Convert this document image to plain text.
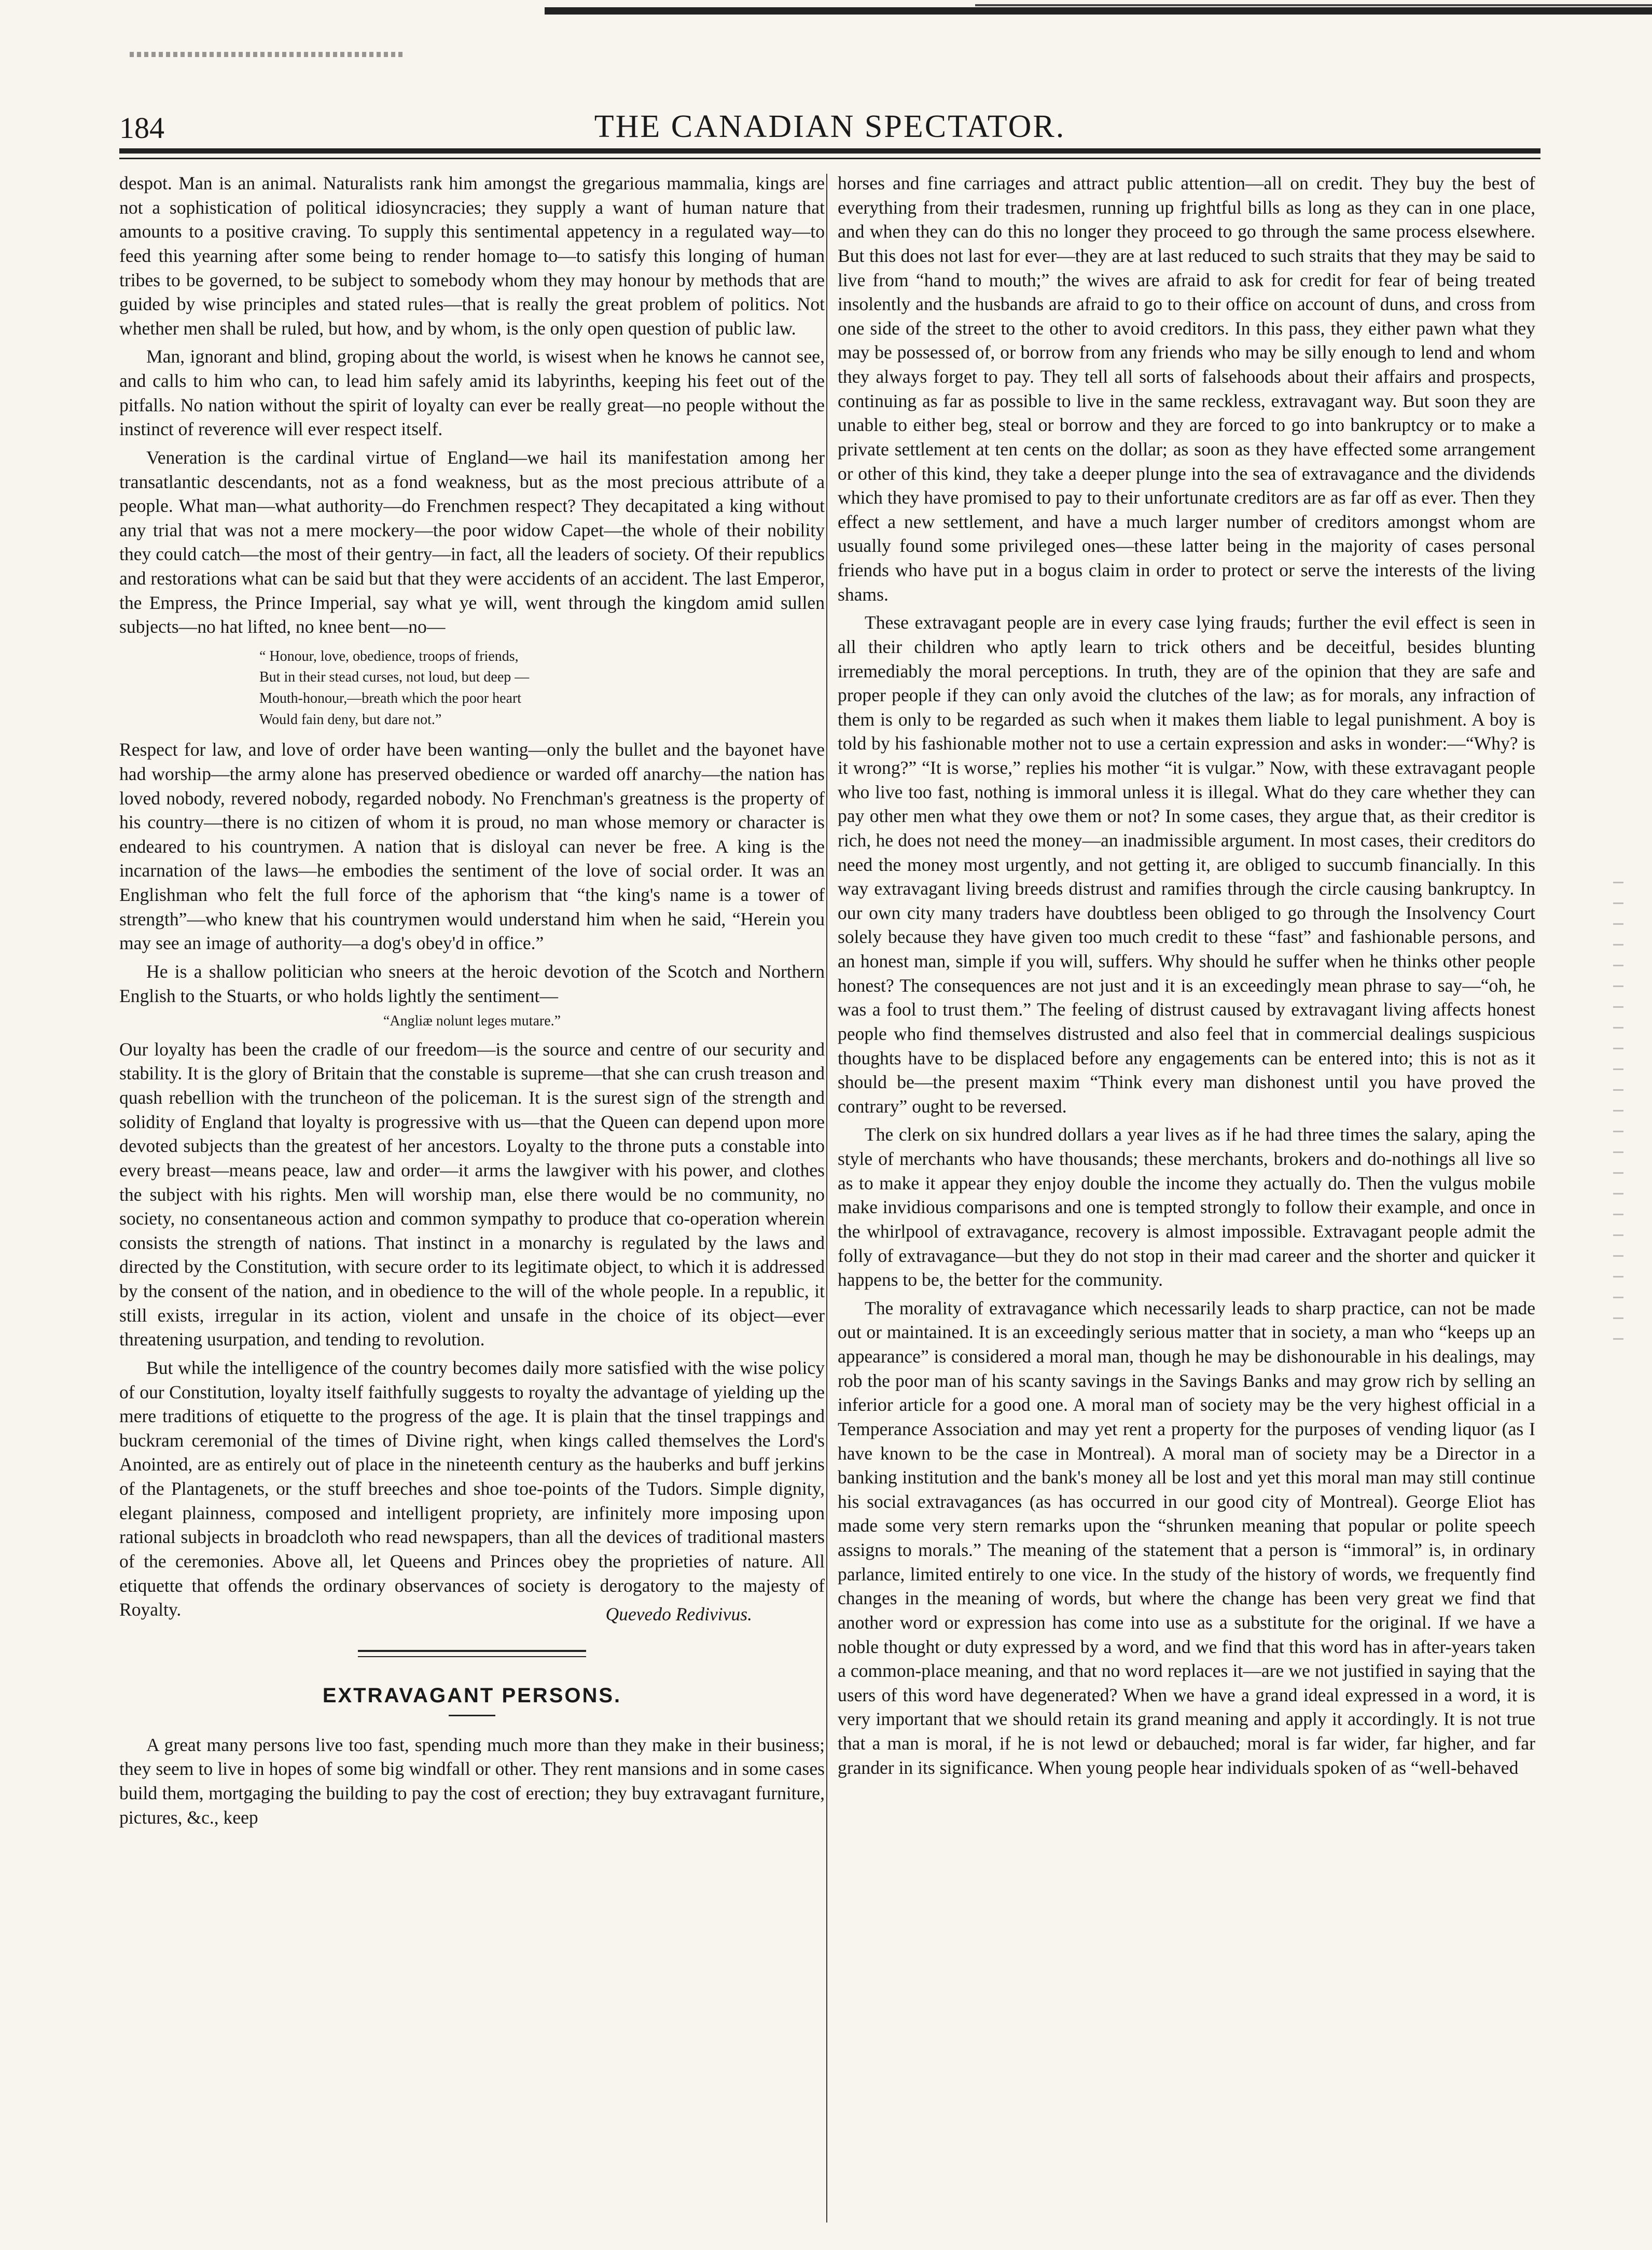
184	THE CANADIAN SPECTATOR.

despot. Man is an animal. Naturalists rank him amongst the gregarious mammalia, kings are not a sophistication of political idiosyncracies; they supply a want of human nature that amounts to a positive craving. To supply this sentimental appetency in a regulated way—to feed this yearning after some being to render homage to—to satisfy this longing of human tribes to be governed, to be subject to somebody whom they may honour by methods that are guided by wise principles and stated rules—that is really the great problem of politics. Not whether men shall be ruled, but how, and by whom, is the only open question of public law.

Man, ignorant and blind, groping about the world, is wisest when he knows he cannot see, and calls to him who can, to lead him safely amid its labyrinths, keeping his feet out of the pitfalls. No nation without the spirit of loyalty can ever be really great—no people without the instinct of reverence will ever respect itself.

Veneration is the cardinal virtue of England—we hail its manifestation among her transatlantic descendants, not as a fond weakness, but as the most precious attribute of a people. What man—what authority—do Frenchmen respect? They decapitated a king without any trial that was not a mere mockery—the poor widow Capet—the whole of their nobility they could catch—the most of their gentry—in fact, all the leaders of society. Of their republics and restorations what can be said but that they were accidents of an accident. The last Emperor, the Empress, the Prince Imperial, say what ye will, went through the kingdom amid sullen subjects—no hat lifted, no knee bent—no—

“ Honour, love, obedience, troops of friends,
But in their stead curses, not loud, but deep —
Mouth-honour,—breath which the poor heart
Would fain deny, but dare not.”

Respect for law, and love of order have been wanting—only the bullet and the bayonet have had worship—the army alone has preserved obedience or warded off anarchy—the nation has loved nobody, revered nobody, regarded nobody. No Frenchman's greatness is the property of his country—there is no citizen of whom it is proud, no man whose memory or character is endeared to his countrymen. A nation that is disloyal can never be free. A king is the incarnation of the laws—he embodies the sentiment of the love of social order. It was an Englishman who felt the full force of the aphorism that “the king's name is a tower of strength”—who knew that his countrymen would understand him when he said, “Herein you may see an image of authority—a dog's obey'd in office.”

He is a shallow politician who sneers at the heroic devotion of the Scotch and Northern English to the Stuarts, or who holds lightly the sentiment—

“Angliæ nolunt leges mutare.”

Our loyalty has been the cradle of our freedom—is the source and centre of our security and stability. It is the glory of Britain that the constable is supreme—that she can crush treason and quash rebellion with the truncheon of the policeman. It is the surest sign of the strength and solidity of England that loyalty is progressive with us—that the Queen can depend upon more devoted subjects than the greatest of her ancestors. Loyalty to the throne puts a constable into every breast—means peace, law and order—it arms the lawgiver with his power, and clothes the subject with his rights. Men will worship man, else there would be no community, no society, no consentaneous action and common sympathy to produce that co-operation wherein consists the strength of nations. That instinct in a monarchy is regulated by the laws and directed by the Constitution, with secure order to its legitimate object, to which it is addressed by the consent of the nation, and in obedience to the will of the whole people. In a republic, it still exists, irregular in its action, violent and unsafe in the choice of its object—ever threatening usurpation, and tending to revolution.

But while the intelligence of the country becomes daily more satisfied with the wise policy of our Constitution, loyalty itself faithfully suggests to royalty the advantage of yielding up the mere traditions of etiquette to the progress of the age. It is plain that the tinsel trappings and buckram ceremonial of the times of Divine right, when kings called themselves the Lord's Anointed, are as entirely out of place in the nineteenth century as the hauberks and buff jerkins of the Plantagenets, or the stuff breeches and shoe toe-points of the Tudors. Simple dignity, elegant plainness, composed and intelligent propriety, are infinitely more imposing upon rational subjects in broadcloth who read newspapers, than all the devices of traditional masters of the ceremonies. Above all, let Queens and Princes obey the proprieties of nature. All etiquette that offends the ordinary observances of society is derogatory to the majesty of Royalty.	Quevedo Redivivus.
EXTRAVAGANT PERSONS.

A great many persons live too fast, spending much more than they make in their business; they seem to live in hopes of some big windfall or other. They rent mansions and in some cases build them, mortgaging the building to pay the cost of erection; they buy extravagant furniture, pictures, &c., keep

horses and fine carriages and attract public attention—all on credit. They buy the best of everything from their tradesmen, running up frightful bills as long as they can in one place, and when they can do this no longer they proceed to go through the same process elsewhere. But this does not last for ever—they are at last reduced to such straits that they may be said to live from “hand to mouth;” the wives are afraid to ask for credit for fear of being treated insolently and the husbands are afraid to go to their office on account of duns, and cross from one side of the street to the other to avoid creditors. In this pass, they either pawn what they may be possessed of, or borrow from any friends who may be silly enough to lend and whom they always forget to pay. They tell all sorts of falsehoods about their affairs and prospects, continuing as far as possible to live in the same reckless, extravagant way. But soon they are unable to either beg, steal or borrow and they are forced to go into bankruptcy or to make a private settlement at ten cents on the dollar; as soon as they have effected some arrangement or other of this kind, they take a deeper plunge into the sea of extravagance and the dividends which they have promised to pay to their unfortunate creditors are as far off as ever. Then they effect a new settlement, and have a much larger number of creditors amongst whom are usually found some privileged ones—these latter being in the majority of cases personal friends who have put in a bogus claim in order to protect or serve the interests of the living shams.

These extravagant people are in every case lying frauds; further the evil effect is seen in all their children who aptly learn to trick others and be deceitful, besides blunting irremediably the moral perceptions. In truth, they are of the opinion that they are safe and proper people if they can only avoid the clutches of the law; as for morals, any infraction of them is only to be regarded as such when it makes them liable to legal punishment. A boy is told by his fashionable mother not to use a certain expression and asks in wonder:—“Why? is it wrong?” “It is worse,” replies his mother “it is vulgar.” Now, with these extravagant people who live too fast, nothing is immoral unless it is illegal. What do they care whether they can pay other men what they owe them or not? In some cases, they argue that, as their creditor is rich, he does not need the money—an inadmissible argument. In most cases, their creditors do need the money most urgently, and not getting it, are obliged to succumb financially. In this way extravagant living breeds distrust and ramifies through the circle causing bankruptcy. In our own city many traders have doubtless been obliged to go through the Insolvency Court solely because they have given too much credit to these “fast” and fashionable persons, and an honest man, simple if you will, suffers. Why should he suffer when he thinks other people honest? The consequences are not just and it is an exceedingly mean phrase to say—“oh, he was a fool to trust them.” The feeling of distrust caused by extravagant living affects honest people who find themselves distrusted and also feel that in commercial dealings suspicious thoughts have to be displaced before any engagements can be entered into; this is not as it should be—the present maxim “Think every man dishonest until you have proved the contrary” ought to be reversed.

The clerk on six hundred dollars a year lives as if he had three times the salary, aping the style of merchants who have thousands; these merchants, brokers and do-nothings all live so as to make it appear they enjoy double the income they actually do. Then the vulgus mobile make invidious comparisons and one is tempted strongly to follow their example, and once in the whirlpool of extravagance, recovery is almost impossible. Extravagant people admit the folly of extravagance—but they do not stop in their mad career and the shorter and quicker it happens to be, the better for the community.

The morality of extravagance which necessarily leads to sharp practice, can not be made out or maintained. It is an exceedingly serious matter that in society, a man who “keeps up an appearance” is considered a moral man, though he may be dishonourable in his dealings, may rob the poor man of his scanty savings in the Savings Banks and may grow rich by selling an inferior article for a good one. A moral man of society may be the very highest official in a Temperance Association and may yet rent a property for the purposes of vending liquor (as I have known to be the case in Montreal). A moral man of society may be a Director in a banking institution and the bank's money all be lost and yet this moral man may still continue his social extravagances (as has occurred in our good city of Montreal). George Eliot has made some very stern remarks upon the “shrunken meaning that popular or polite speech assigns to morals.” The meaning of the statement that a person is “immoral” is, in ordinary parlance, limited entirely to one vice. In the study of the history of words, we frequently find changes in the meaning of words, but where the change has been very great we find that another word or expression has come into use as a substitute for the original. If we have a noble thought or duty expressed by a word, and we find that this word has in after-years taken a common-place meaning, and that no word replaces it—are we not justified in saying that the users of this word have degenerated? When we have a grand ideal expressed in a word, it is very important that we should retain its grand meaning and apply it accordingly. It is not true that a man is moral, if he is not lewd or debauched; moral is far wider, far higher, and far grander in its significance. When young people hear individuals spoken of as “well-behaved
